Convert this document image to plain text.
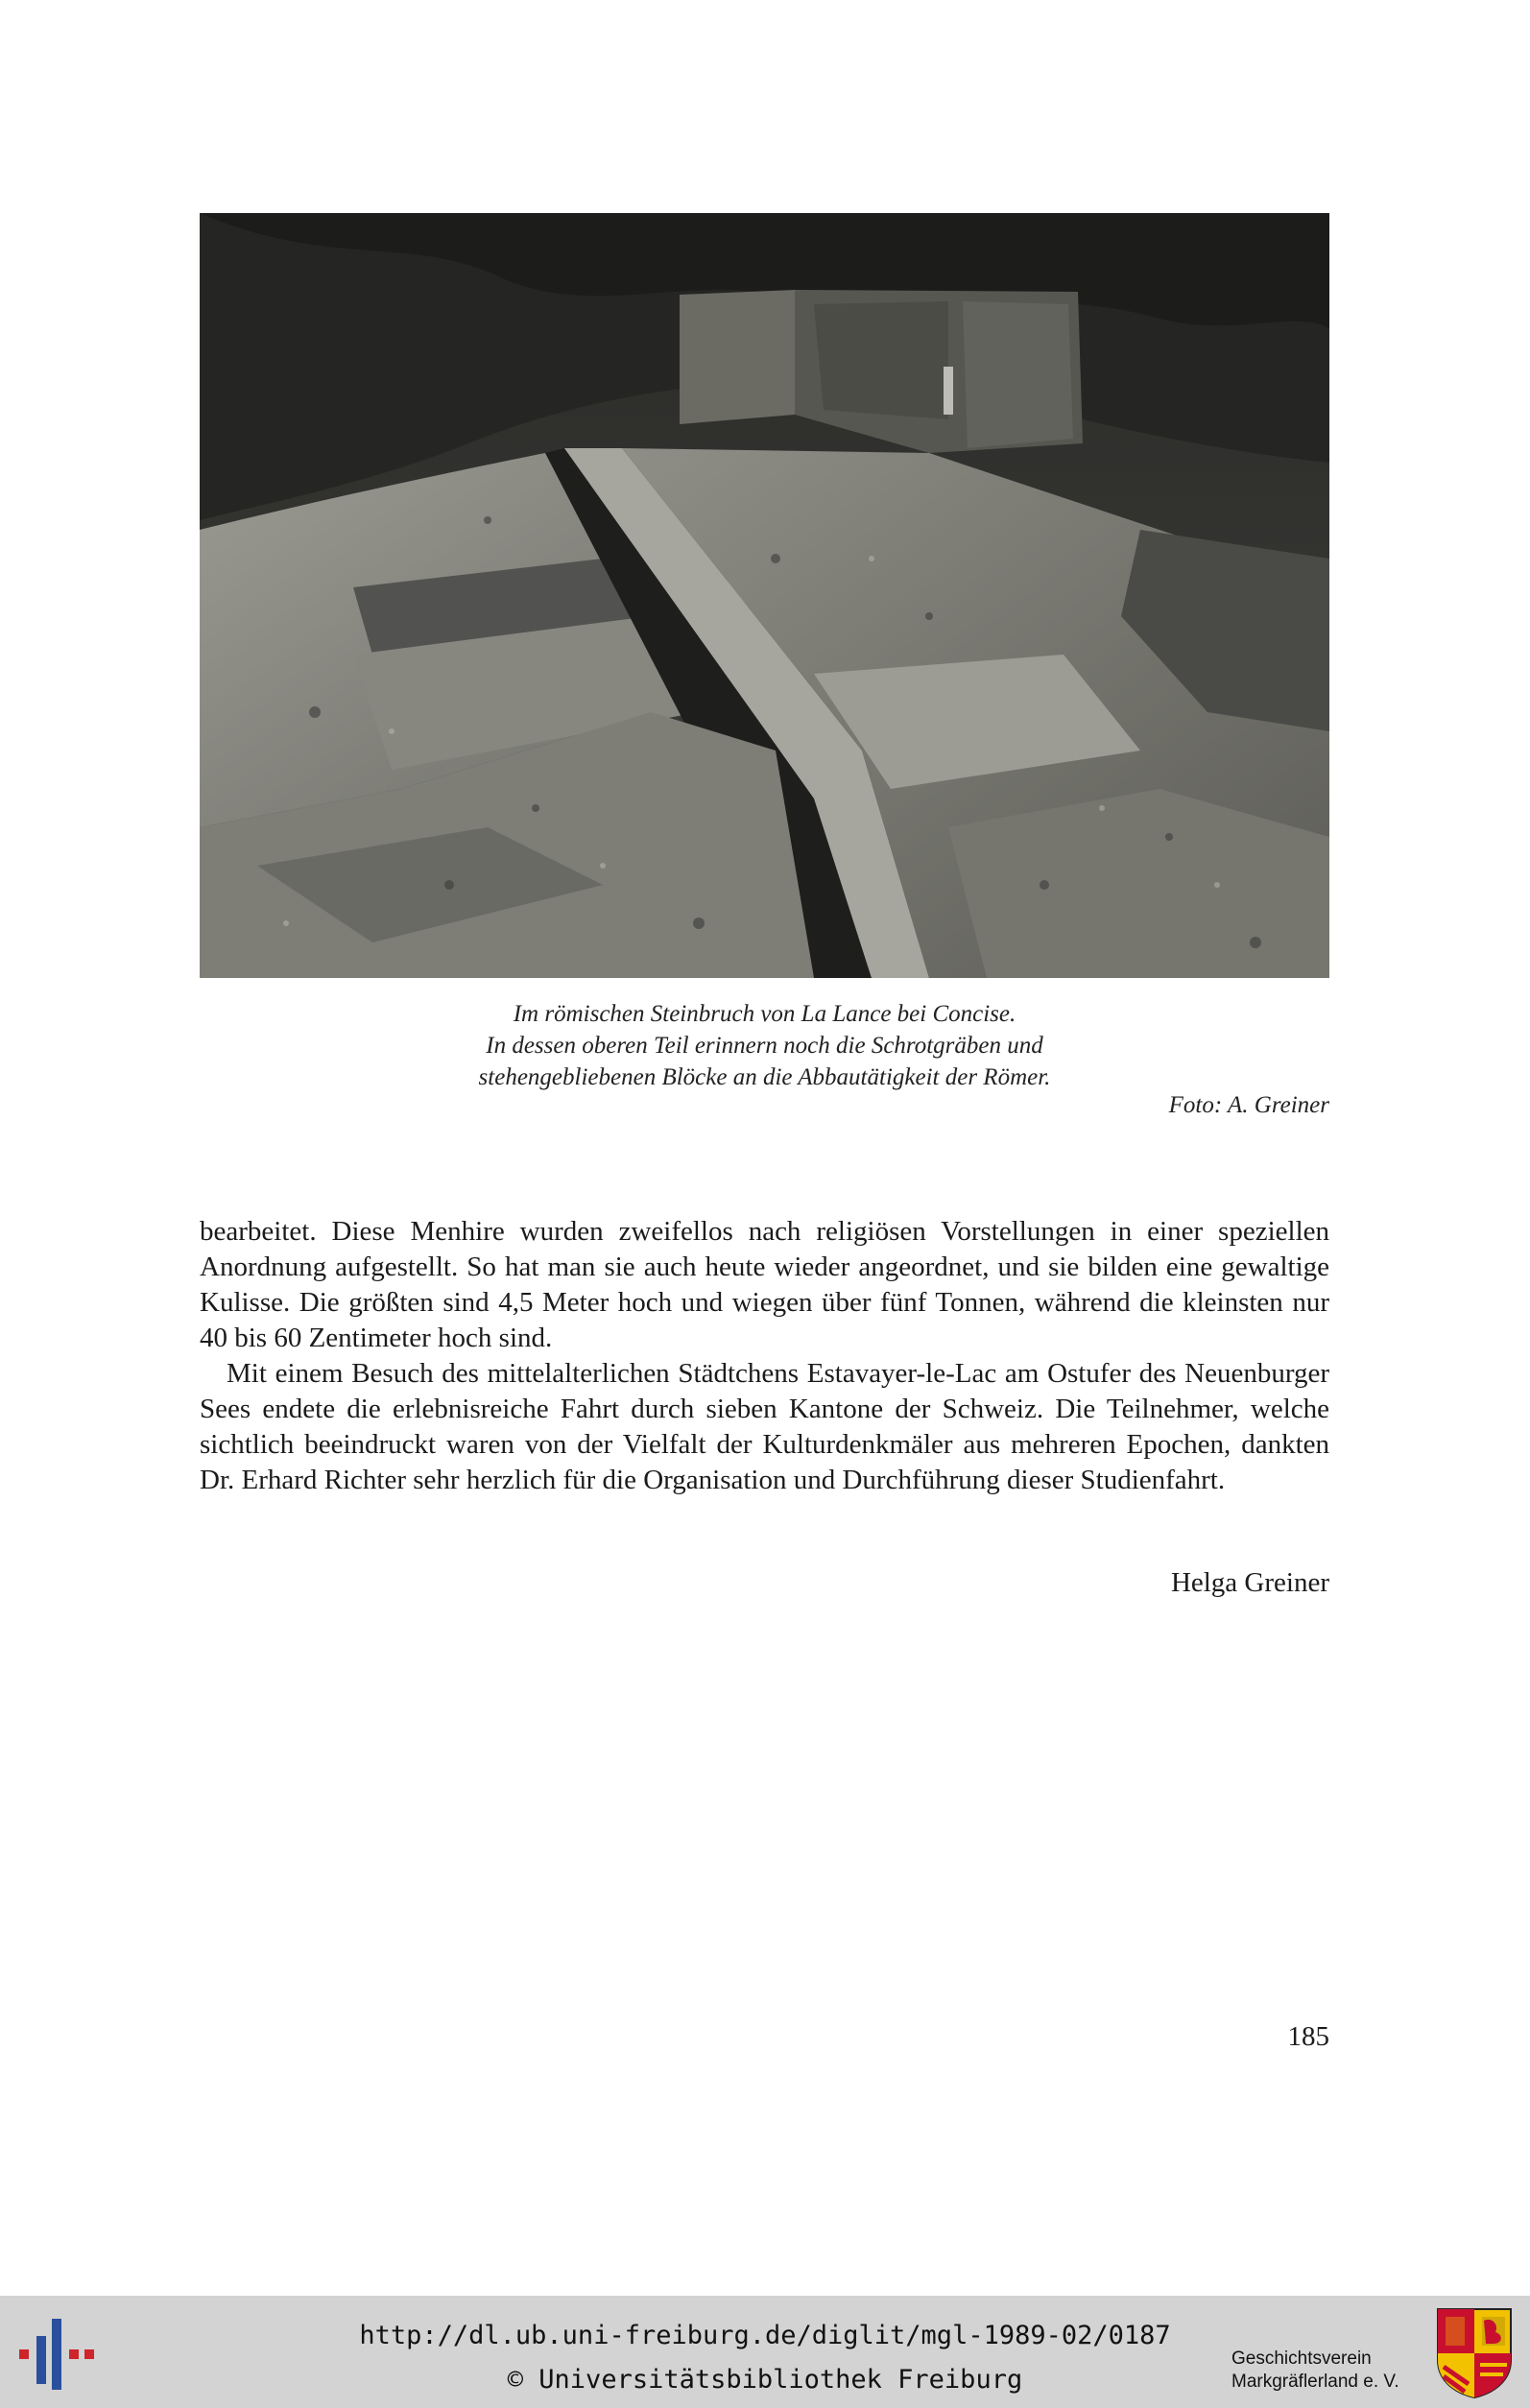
Im römischen Steinbruch von La Lance bei Concise.
In dessen oberen Teil erinnern noch die Schrotgräben und
stehengebliebenen Blöcke an die Abbautätigkeit der Römer.
Foto: A. Greiner

bearbeitet. Diese Menhire wurden zweifellos nach religiösen Vorstellungen in einer speziellen Anordnung aufgestellt. So hat man sie auch heute wieder angeordnet, und sie bilden eine gewaltige Kulisse. Die größten sind 4,5 Meter hoch und wiegen über fünf Tonnen, während die kleinsten nur 40 bis 60 Zentimeter hoch sind.

Mit einem Besuch des mittelalterlichen Städtchens Estavayer-le-Lac am Ostufer des Neuenburger Sees endete die erlebnisreiche Fahrt durch sieben Kantone der Schweiz. Die Teilnehmer, welche sichtlich beeindruckt waren von der Vielfalt der Kulturdenkmäler aus mehreren Epochen, dankten Dr. Erhard Richter sehr herzlich für die Organisation und Durchführung dieser Studienfahrt.

Helga Greiner
185
http://dl.ub.uni-freiburg.de/diglit/mgl-1989-02/0187
© Universitätsbibliothek Freiburg
Geschichtsverein
Markgräflerland e. V.
